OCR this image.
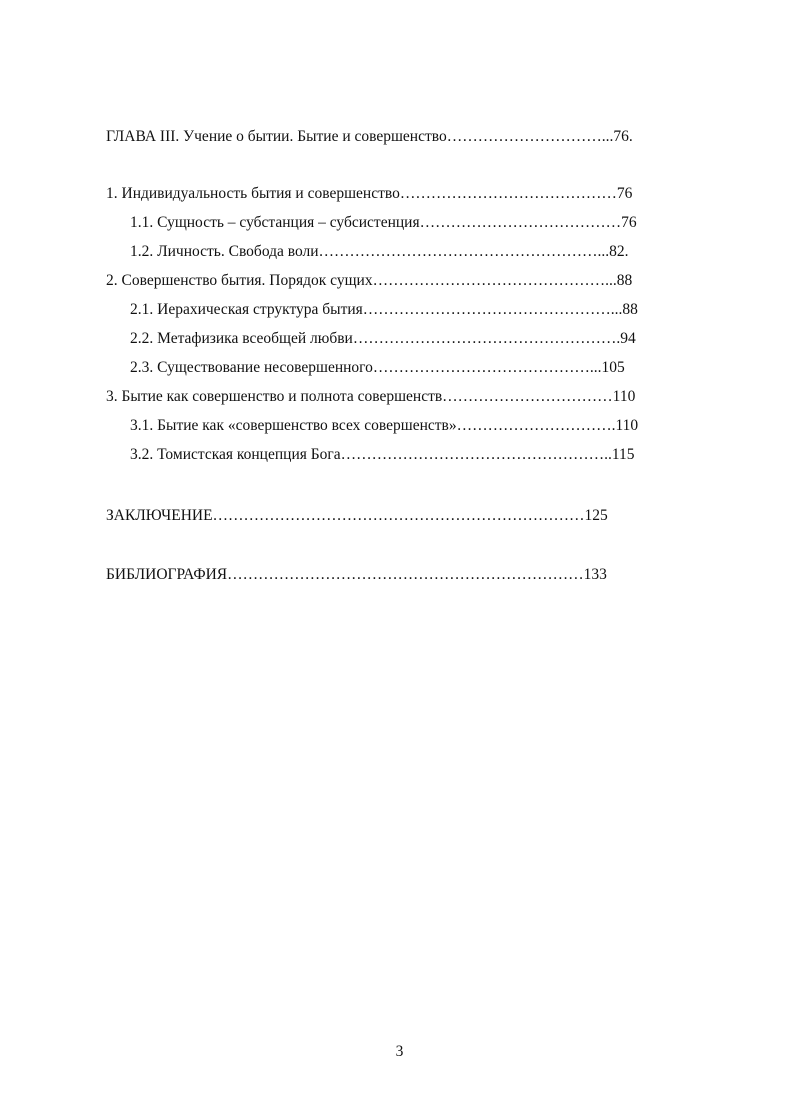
ГЛАВА III. Учение о бытии. Бытие и совершенство…………………………...76.
1. Индивидуальность бытия и совершенство……………………………………76
1.1. Сущность – субстанция – субсистенция…………………………………76
1.2. Личность. Свобода воли………………………………………………...82.
2. Совершенство бытия. Порядок сущих………………………………………...88
2.1. Иерахическая структура бытия…………………………………………...88
2.2. Метафизика всеобщей любви…………………………………………….94
2.3. Существование несовершенного……………………………………...105
3. Бытие как совершенство и полнота совершенств……………………………110
3.1. Бытие как «совершенство всех совершенств»………………………….110
3.2. Томистская концепция Бога……………………………………………..115
ЗАКЛЮЧЕНИЕ………………………………………………………………125
БИБЛИОГРАФИЯ……………………………………………………………133
3
